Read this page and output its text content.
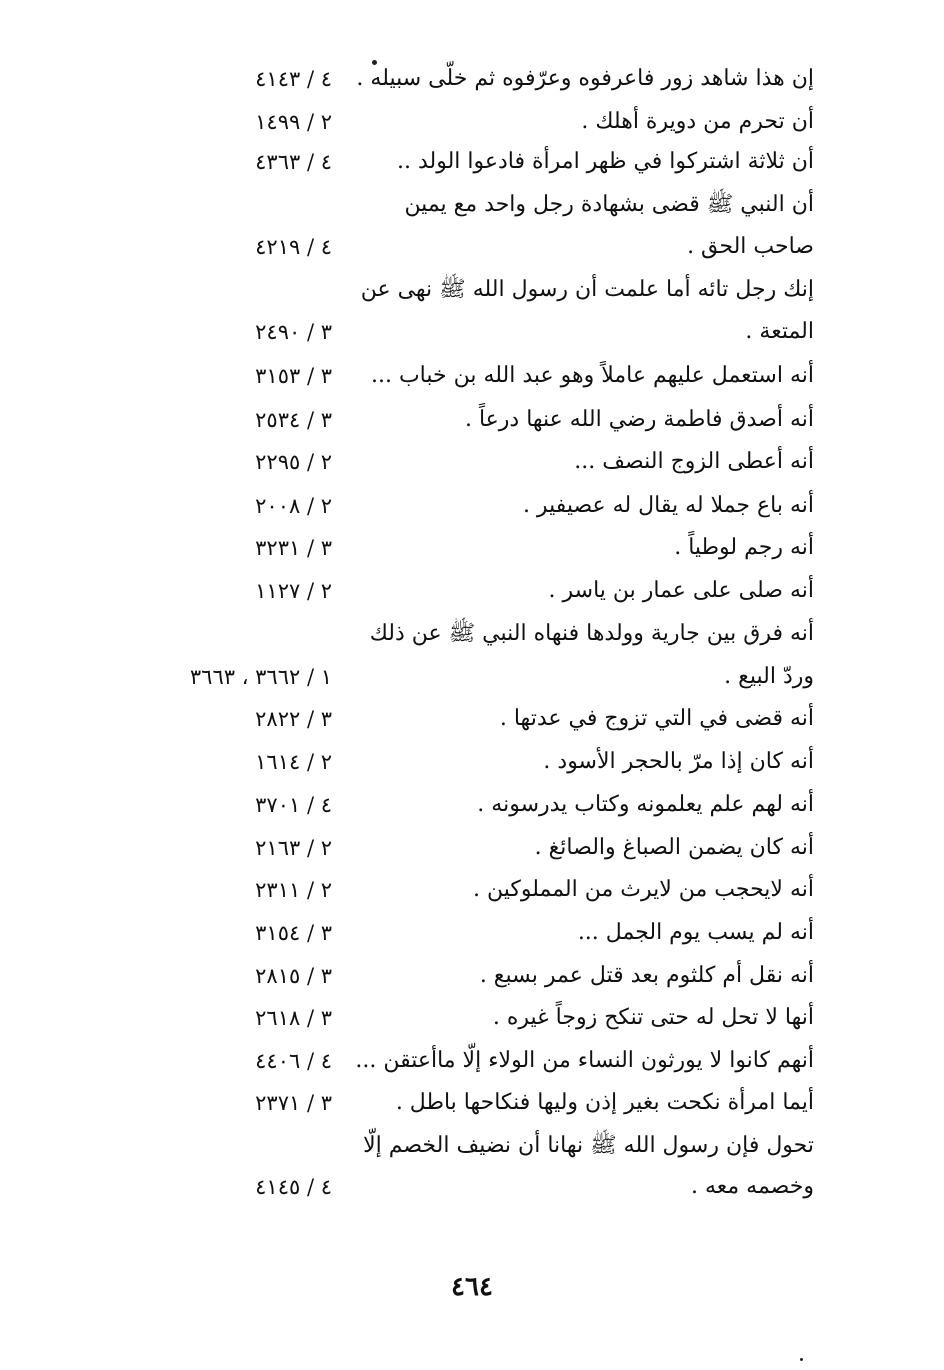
إن هذا شاهد زور فاعرفوه وعرّفوه ثم خلّى سبيله .
٤ / ٤١٤٣
أن تحرم من دويرة أهلك .
٢ / ١٤٩٩
أن ثلاثة اشتركوا في ظهر امرأة فادعوا الولد ..
٤ / ٤٣٦٣
أن النبي ﷺ قضى بشهادة رجل واحد مع يمين
صاحب الحق .
٤ / ٤٢١٩
إنك رجل تائه أما علمت أن رسول الله ﷺ نهى عن
المتعة .
٣ / ٢٤٩٠
أنه استعمل عليهم عاملاً وهو عبد الله بن خباب ...
٣ / ٣١٥٣
أنه أصدق فاطمة رضي الله عنها درعاً .
٣ / ٢٥٣٤
أنه أعطى الزوج النصف ...
٢ / ٢٢٩٥
أنه باع جملا له يقال له عصيفير .
٢ / ٢٠٠٨
أنه رجم لوطياً .
٣ / ٣٢٣١
أنه صلى على عمار بن ياسر .
٢ / ١١٢٧
أنه فرق بين جارية وولدها فنهاه النبي ﷺ عن ذلك
وردّ البيع .
١ / ٣٦٦٢ ، ٣٦٦٣
أنه قضى في التي تزوج في عدتها .
٣ / ٢٨٢٢
أنه كان إذا مرّ بالحجر الأسود .
٢ / ١٦١٤
أنه لهم علم يعلمونه وكتاب يدرسونه .
٤ / ٣٧٠١
أنه كان يضمن الصباغ والصائغ .
٢ / ٢١٦٣
أنه لايحجب من لايرث من المملوكين .
٢ / ٢٣١١
أنه لم يسب يوم الجمل ...
٣ / ٣١٥٤
أنه نقل أم كلثوم بعد قتل عمر بسبع .
٣ / ٢٨١٥
أنها لا تحل له حتى تنكح زوجاً غيره .
٣ / ٢٦١٨
أنهم كانوا لا يورثون النساء من الولاء إلّا ماأعتقن ...
٤ / ٤٤٠٦
أيما امرأة نكحت بغير إذن وليها فنكاحها باطل .
٣ / ٢٣٧١
تحول فإن رسول الله ﷺ نهانا أن نضيف الخصم إلّا
وخصمه معه .
٤ / ٤١٤٥
٤٦٤
